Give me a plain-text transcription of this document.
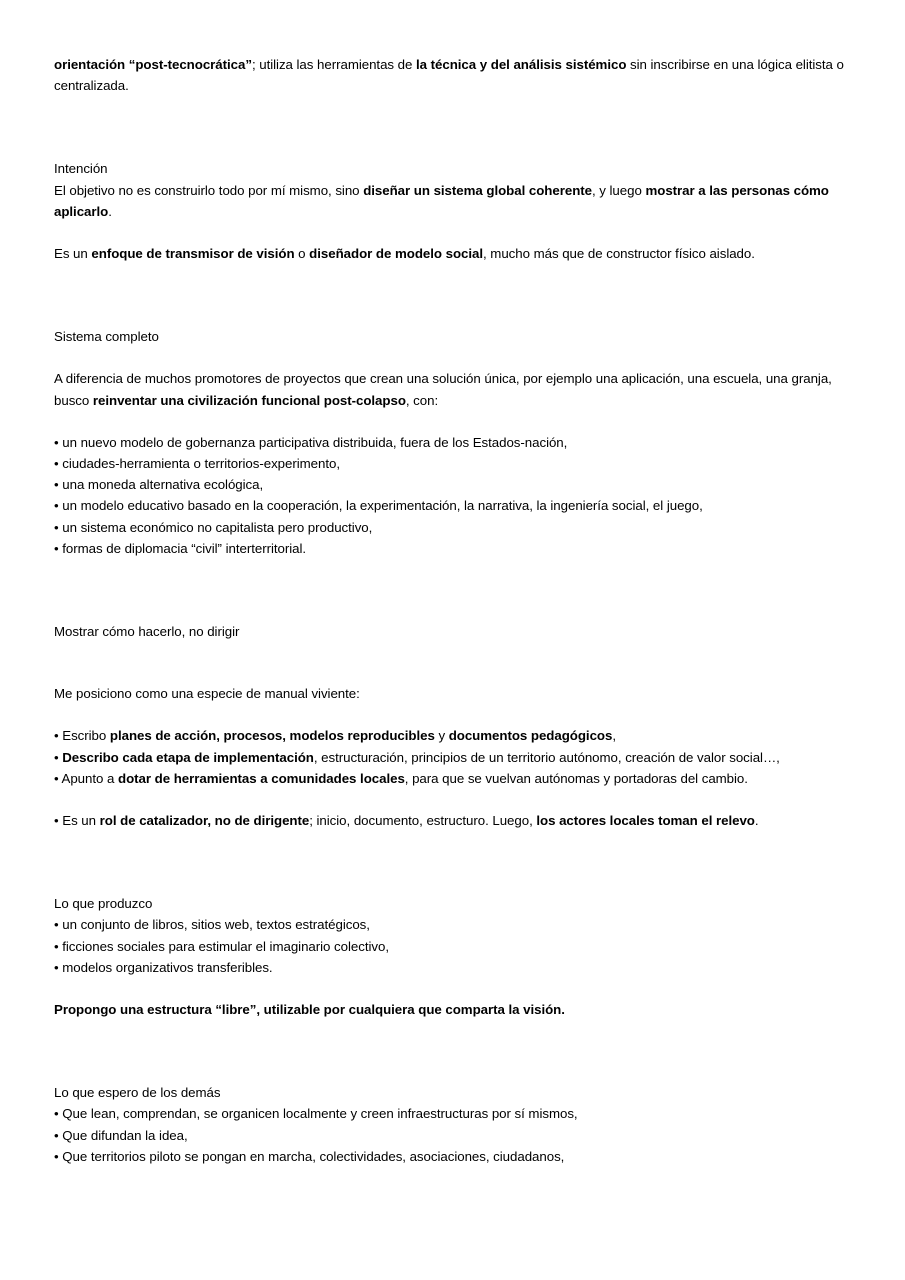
orientación “post-tecnocrática”; utiliza las herramientas de la técnica y del análisis sistémico sin inscribirse en una lógica elitista o centralizada.

Intención

El objetivo no es construirlo todo por mí mismo, sino diseñar un sistema global coherente, y luego mostrar a las personas cómo aplicarlo.

Es un enfoque de transmisor de visión o diseñador de modelo social, mucho más que de constructor físico aislado.

Sistema completo

A diferencia de muchos promotores de proyectos que crean una solución única, por ejemplo una aplicación, una escuela, una granja, busco reinventar una civilización funcional post-colapso, con:

• un nuevo modelo de gobernanza participativa distribuida, fuera de los Estados-nación,
• ciudades-herramienta o territorios-experimento,
• una moneda alternativa ecológica,
• un modelo educativo basado en la cooperación, la experimentación, la narrativa, la ingeniería social, el juego,
• un sistema económico no capitalista pero productivo,
• formas de diplomacia “civil” interterritorial.

Mostrar cómo hacerlo, no dirigir

Me posiciono como una especie de manual viviente:

• Escribo planes de acción, procesos, modelos reproducibles y documentos pedagógicos,

• Describo cada etapa de implementación, estructuración, principios de un territorio autónomo, creación de valor social…,

• Apunto a dotar de herramientas a comunidades locales, para que se vuelvan autónomas y portadoras del cambio.

• Es un rol de catalizador, no de dirigente; inicio, documento, estructuro. Luego, los actores locales toman el relevo.

Lo que produzco

• un conjunto de libros, sitios web, textos estratégicos,
• ficciones sociales para estimular el imaginario colectivo,
• modelos organizativos transferibles.

Propongo una estructura “libre”, utilizable por cualquiera que comparta la visión.

Lo que espero de los demás

• Que lean, comprendan, se organicen localmente y creen infraestructuras por sí mismos,
• Que difundan la idea,
• Que territorios piloto se pongan en marcha, colectividades, asociaciones, ciudadanos,
